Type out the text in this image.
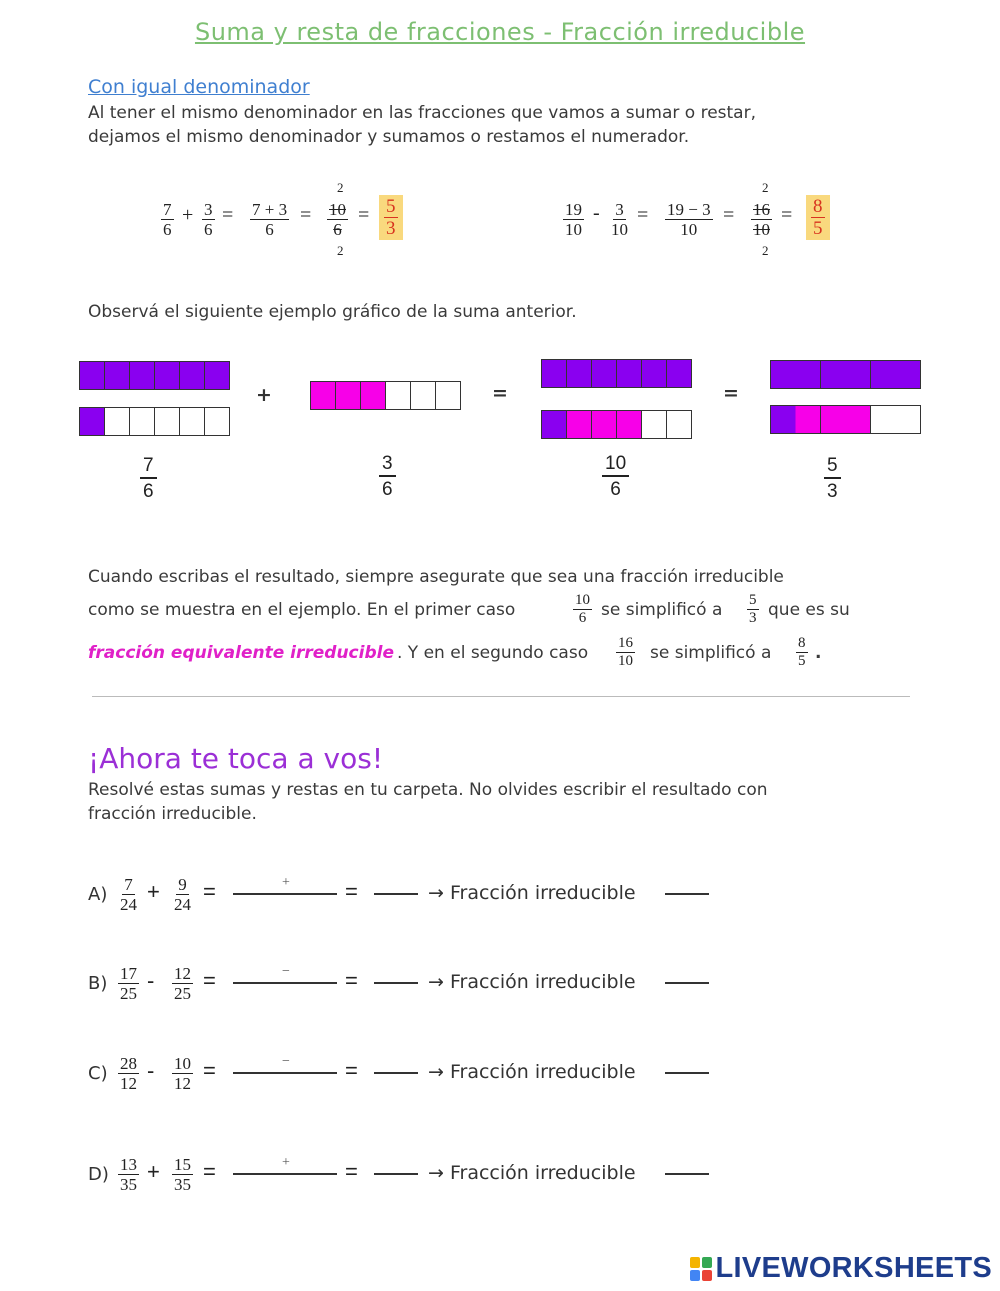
Suma y resta de fracciones - Fracción irreducible
Con igual denominador
Al tener el mismo denominador en las fracciones que vamos a sumar o restar,
dejamos el mismo denominador y sumamos o restamos el numerador.
$\frac{7}{6} + \frac{3}{6} = \frac{7 + 3}{6}$ =
2
$\frac{10}{6}$
2
= $\frac{5}{3}$	$\frac{19}{10} - \frac{3}{10} = \frac{19 - 3}{10}$ =
2
$\frac{16}{10}$
2
= $\frac{8}{5}$
Observá el siguiente ejemplo gráfico de la suma anterior.
+	=	=
$\frac{7}{6}$	$\frac{3}{6}$	$\frac{10}{6}$	$\frac{5}{3}$
Cuando escribas el resultado, siempre asegurate que sea una fracción irreducible
como se muestra en el ejemplo. En el primer caso	$\frac{10}{6}$ se simplificó a $\frac{5}{3}$ que es su
fracción equivalente irreducible . Y en el segundo caso $\frac{16}{10}$ se simplificó a $\frac{8}{5}$ .
¡Ahora te toca a vos!
Resolvé estas sumas y restas en tu carpeta. No olvides escribir el resultado con
fracción irreducible.
$A) \frac{7}{24} + \frac{9}{24}$ =	+	=	→ Fracción irreducible
$B) \frac{17}{25} - \frac{12}{25}$ =	−	=	→ Fracción irreducible
$C) \frac{28}{12} - \frac{10}{12}$ =	−	=	→ Fracción irreducible
$D) \frac{13}{35} + \frac{15}{35}$ =	+	=	→ Fracción irreducible
LIVEWORKSHEETS
